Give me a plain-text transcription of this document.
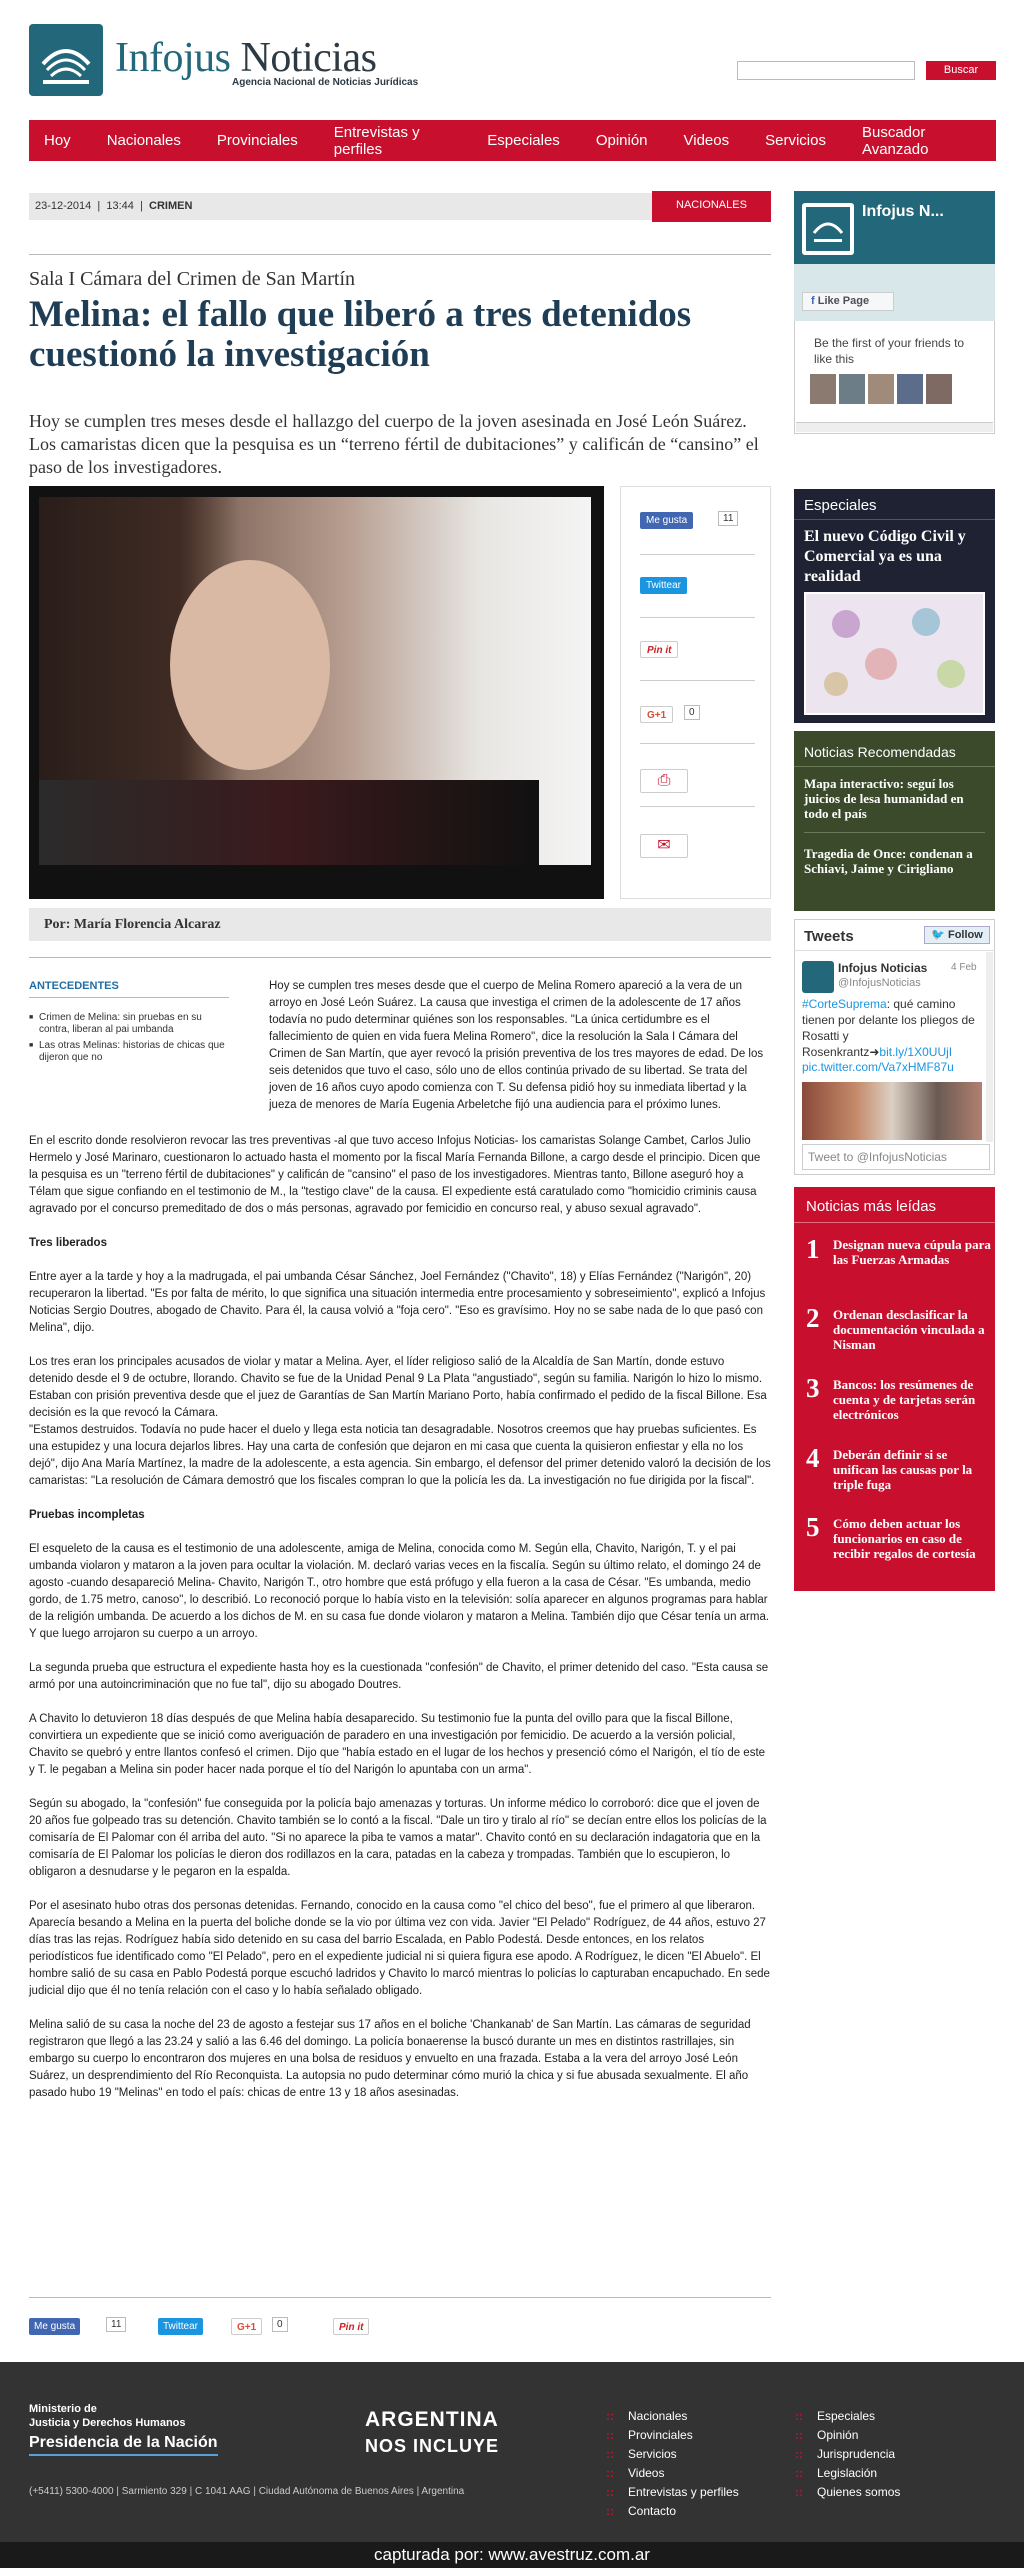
Infojus Noticias
Agencia Nacional de Noticias Jurídicas
Buscar
Hoy	Nacionales	Provinciales	Entrevistas y perfiles	Especiales	Opinión	Videos	Servicios	Buscador Avanzado
23-12-2014  |  13:44  |  CRIMEN	NACIONALES
Sala I Cámara del Crimen de San Martín
Melina: el fallo que liberó a tres detenidos cuestionó la investigación
Hoy se cumplen tres meses desde el hallazgo del cuerpo de la joven asesinada en José León Suárez. Los camaristas dicen que la pesquisa es un “terreno fértil de dubitaciones” y calificán de “cansino” el paso de los investigadores.
Me gusta	11
Twittear
Pin it
G+1	0
⎙
✉
Por: María Florencia Alcaraz
ANTECEDENTES
■ Crimen de Melina: sin pruebas en su contra, liberan al pai umbanda
■ Las otras Melinas: historias de chicas que dijeron que no

Hoy se cumplen tres meses desde que el cuerpo de Melina Romero apareció a la vera de un arroyo en José León Suárez. La causa que investiga el crimen de la adolescente de 17 años todavía no pudo determinar quiénes son los responsables. "La única certidumbre es el fallecimiento de quien en vida fuera Melina Romero", dice la resolución la Sala I Cámara del Crimen de San Martín, que ayer revocó la prisión preventiva de los tres mayores de edad. De los seis detenidos que tuvo el caso, sólo uno de ellos continúa privado de su libertad. Se trata del joven de 16 años cuyo apodo comienza con T. Su defensa pidió hoy su inmediata libertad y la jueza de menores de María Eugenia Arbeletche fijó una audiencia para el próximo lunes.

En el escrito donde resolvieron revocar las tres preventivas -al que tuvo acceso Infojus Noticias- los camaristas Solange Cambet, Carlos Julio Hermelo y José Marinaro, cuestionaron lo actuado hasta el momento por la fiscal María Fernanda Billone, a cargo desde el principio. Dicen que la pesquisa es un "terreno fértil de dubitaciones" y calificán de "cansino" el paso de los investigadores. Mientras tanto, Billone aseguró hoy a Télam que sigue confiando en el testimonio de M., la "testigo clave" de la causa. El expediente está caratulado como "homicidio criminis causa agravado por el concurso premeditado de dos o más personas, agravado por femicidio en concurso real, y abuso sexual agravado".

Tres liberados

Entre ayer a la tarde y hoy a la madrugada, el pai umbanda César Sánchez, Joel Fernández ("Chavito", 18) y Elías Fernández ("Narigón", 20) recuperaron la libertad. "Es por falta de mérito, lo que significa una situación intermedia entre procesamiento y sobreseimiento", explicó a Infojus Noticias Sergio Doutres, abogado de Chavito. Para él, la causa volvió a "foja cero". "Eso es gravísimo. Hoy no se sabe nada de lo que pasó con Melina", dijo.

Los tres eran los principales acusados de violar y matar a Melina. Ayer, el líder religioso salió de la Alcaldía de San Martín, donde estuvo detenido desde el 9 de octubre, llorando. Chavito se fue de la Unidad Penal 9 La Plata "angustiado", según su familia. Narigón lo hizo lo mismo. Estaban con prisión preventiva desde que el juez de Garantías de San Martín Mariano Porto, había confirmado el pedido de la fiscal Billone. Esa decisión es la que revocó la Cámara.
"Estamos destruidos. Todavía no pude hacer el duelo y llega esta noticia tan desagradable. Nosotros creemos que hay pruebas suficientes. Es una estupidez y una locura dejarlos libres. Hay una carta de confesión que dejaron en mi casa que cuenta la quisieron enfiestar y ella no los dejó", dijo Ana María Martínez, la madre de la adolescente, a esta agencia. Sin embargo, el defensor del primer detenido valoró la decisión de los camaristas: "La resolución de Cámara demostró que los fiscales compran lo que la policía les da. La investigación no fue dirigida por la fiscal".

Pruebas incompletas

El esqueleto de la causa es el testimonio de una adolescente, amiga de Melina, conocida como M. Según ella, Chavito, Narigón, T. y el pai umbanda violaron y mataron a la joven para ocultar la violación. M. declaró varias veces en la fiscalía. Según su último relato, el domingo 24 de agosto -cuando desapareció Melina- Chavito, Narigón T., otro hombre que está prófugo y ella fueron a la casa de César. "Es umbanda, medio gordo, de 1.75 metro, canoso", lo describió. Lo reconoció porque lo había visto en la televisión: solía aparecer en algunos programas para hablar de la religión umbanda. De acuerdo a los dichos de M. en su casa fue donde violaron y mataron a Melina. También dijo que César tenía un arma. Y que luego arrojaron su cuerpo a un arroyo.

La segunda prueba que estructura el expediente hasta hoy es la cuestionada "confesión" de Chavito, el primer detenido del caso. "Esta causa se armó por una autoincriminación que no fue tal", dijo su abogado Doutres.

A Chavito lo detuvieron 18 días después de que Melina había desaparecido. Su testimonio fue la punta del ovillo para que la fiscal Billone, convirtiera un expediente que se inició como averiguación de paradero en una investigación por femicidio. De acuerdo a la versión policial, Chavito se quebró y entre llantos confesó el crimen. Dijo que "había estado en el lugar de los hechos y presenció cómo el Narigón, el tío de este y T. le pegaban a Melina sin poder hacer nada porque el tío del Narigón lo apuntaba con un arma".

Según su abogado, la "confesión" fue conseguida por la policía bajo amenazas y torturas. Un informe médico lo corroboró: dice que el joven de 20 años fue golpeado tras su detención. Chavito también se lo contó a la fiscal. "Dale un tiro y tiralo al río" se decían entre ellos los policías de la comisaría de El Palomar con él arriba del auto. "Si no aparece la piba te vamos a matar". Chavito contó en su declaración indagatoria que en la comisaría de El Palomar los policías le dieron dos rodillazos en la cara, patadas en la cabeza y trompadas. También que lo escupieron, lo obligaron a desnudarse y le pegaron en la espalda.

Por el asesinato hubo otras dos personas detenidas. Fernando, conocido en la causa como "el chico del beso", fue el primero al que liberaron. Aparecía besando a Melina en la puerta del boliche donde se la vio por última vez con vida. Javier "El Pelado" Rodríguez, de 44 años, estuvo 27 días tras las rejas. Rodríguez había sido detenido en su casa del barrio Escalada, en Pablo Podestá. Desde entonces, en los relatos periodísticos fue identificado como "El Pelado", pero en el expediente judicial ni si quiera figura ese apodo. A Rodríguez, le dicen "El Abuelo". El hombre salió de su casa en Pablo Podestá porque escuchó ladridos y Chavito lo marcó mientras lo policías lo capturaban encapuchado. En sede judicial dijo que él no tenía relación con el caso y lo había señalado obligado.

Melina salió de su casa la noche del 23 de agosto a festejar sus 17 años en el boliche 'Chankanab' de San Martín. Las cámaras de seguridad registraron que llegó a las 23.24 y salió a las 6.46 del domingo. La policía bonaerense la buscó durante un mes en distintos rastrillajes, sin embargo su cuerpo lo encontraron dos mujeres en una bolsa de residuos y envuelto en una frazada. Estaba a la vera del arroyo José León Suárez, un desprendimiento del Río Reconquista. La autopsia no pudo determinar cómo murió la chica y si fue abusada sexualmente. El año pasado hubo 19 "Melinas" en todo el país: chicas de entre 13 y 18 años asesinadas.

Me gusta	11	Twittear	G+1	0	Pin it
Infojus N...
f Like Page
Be the first of your friends to like this
Especiales
El nuevo Código Civil y Comercial ya es una realidad
Noticias Recomendadas
Mapa interactivo: seguí los juicios de lesa humanidad en todo el país
Tragedia de Once: condenan a Schiavi, Jaime y Cirigliano
Tweets	🐦 Follow
Infojus Noticias
@InfojusNoticias
4 Feb
#CorteSuprema: qué camino tienen por delante los pliegos de Rosatti y Rosenkrantz➜bit.ly/1X0UUjI
pic.twitter.com/Va7xHMF87u
Tweet to @InfojusNoticias
Noticias más leídas
1 Designan nueva cúpula para las Fuerzas Armadas
2 Ordenan desclasificar la documentación vinculada a Nisman
3 Bancos: los resúmenes de cuenta y de tarjetas serán electrónicos
4 Deberán definir si se unifican las causas por la triple fuga
5 Cómo deben actuar los funcionarios en caso de recibir regalos de cortesía
Ministerio de
Justicia y Derechos Humanos
Presidencia de la Nación
ARGENTINA
NOS INCLUYE
(+5411) 5300-4000 | Sarmiento 329 | C 1041 AAG | Ciudad Autónoma de Buenos Aires | Argentina
:: Nacionales
:: Provinciales
:: Servicios
:: Videos
:: Entrevistas y perfiles
:: Contacto
:: Especiales
:: Opinión
:: Jurisprudencia
:: Legislación
:: Quienes somos
capturada por: www.avestruz.com.ar
